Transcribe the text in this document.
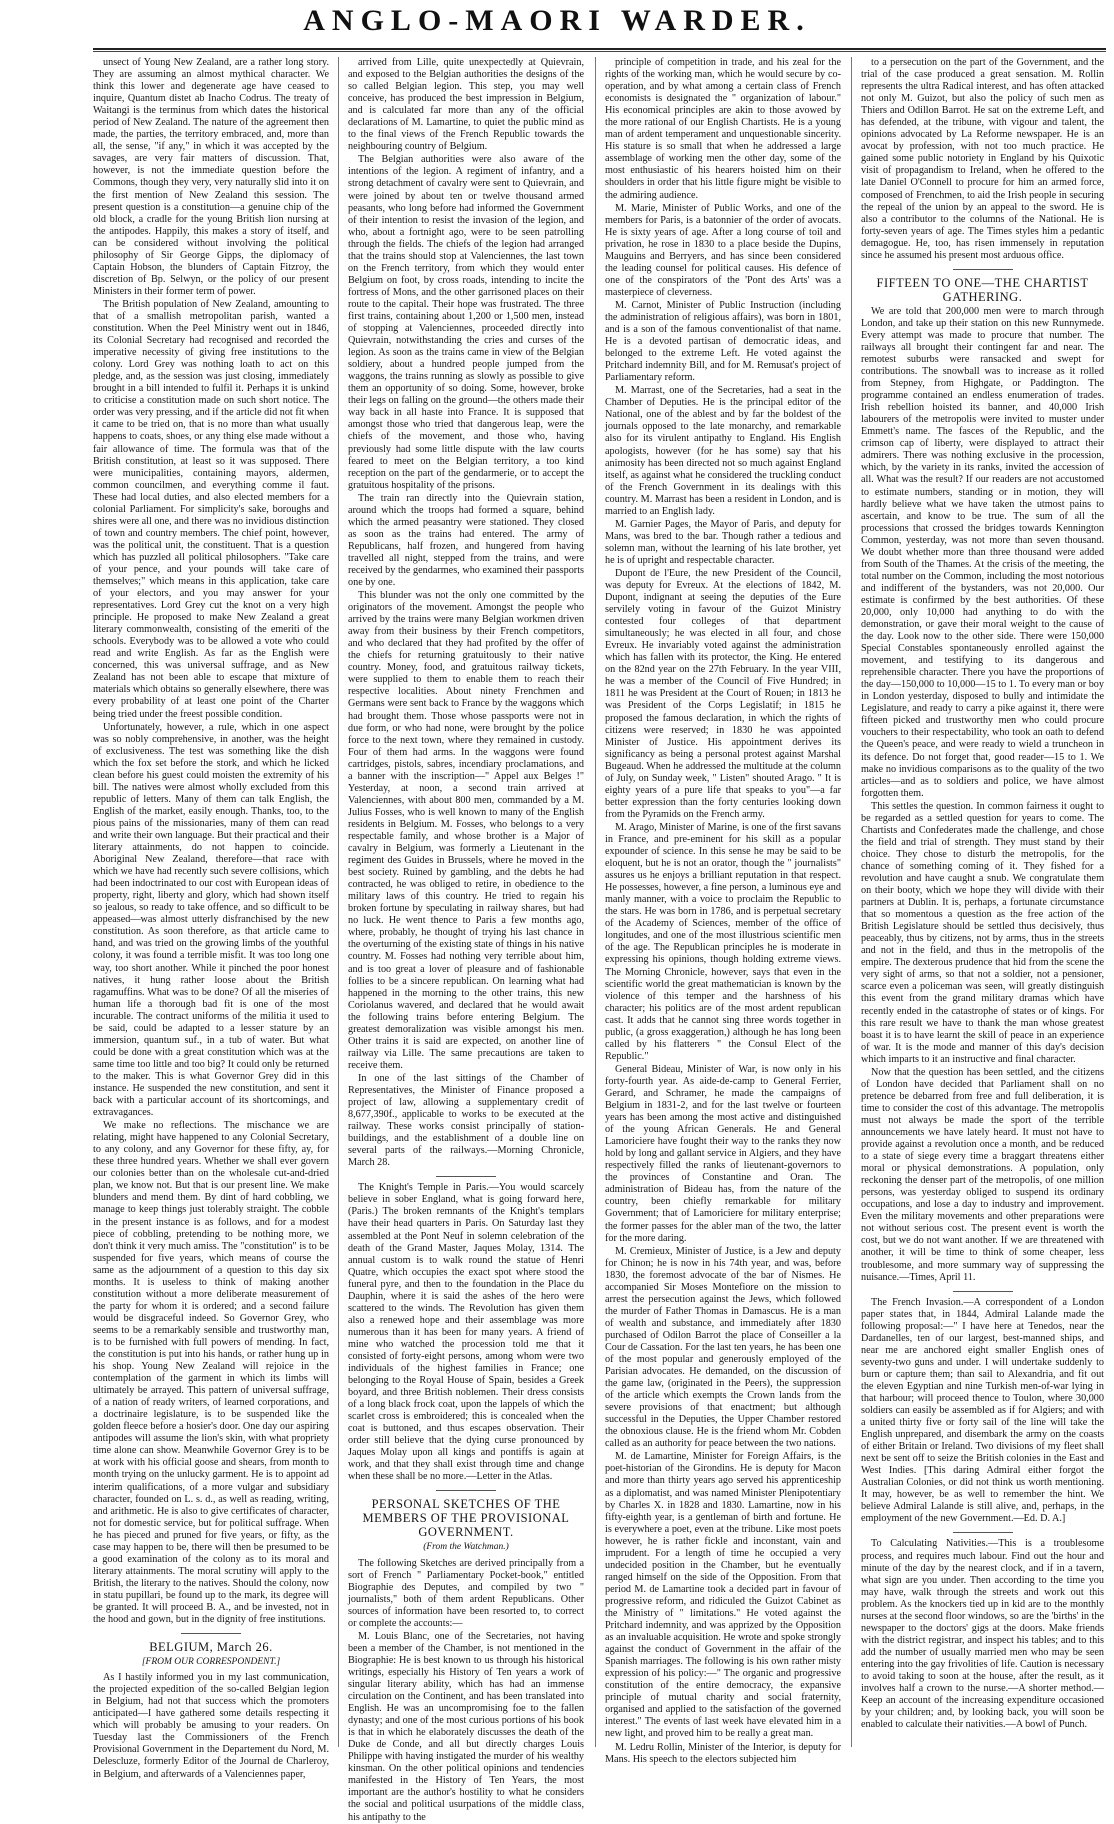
ANGLO-MAORI WARDER.

unsect of Young New Zealand, are a rather long story. They are assuming an almost mythical character. We think this lower and degenerate age have ceased to inquire, Quantum distet ab Inacho Codrus. The treaty of Waitangi is the terminus from which dates the historical period of New Zealand. The nature of the agreement then made, the parties, the territory embraced, and, more than all, the sense, "if any," in which it was accepted by the savages, are very fair matters of discussion. That, however, is not the immediate question before the Commons, though they very, very naturally slid into it on the first mention of New Zealand this session. The present question is a constitution—a genuine chip of the old block, a cradle for the young British lion nursing at the antipodes. Happily, this makes a story of itself, and can be considered without involving the political philosophy of Sir George Gipps, the diplomacy of Captain Hobson, the blunders of Captain Fitzroy, the discretion of Bp. Selwyn, or the policy of our present Ministers in their former term of power.

The British population of New Zealand, amounting to that of a smallish metropolitan parish, wanted a constitution. When the Peel Ministry went out in 1846, its Colonial Secretary had recognised and recorded the imperative necessity of giving free institutions to the colony. Lord Grey was nothing loath to act on this pledge, and, as the session was just closing, immediately brought in a bill intended to fulfil it. Perhaps it is unkind to criticise a constitution made on such short notice. The order was very pressing, and if the article did not fit when it came to be tried on, that is no more than what usually happens to coats, shoes, or any thing else made without a fair allowance of time. The formula was that of the British constitution, at least so it was supposed. There were municipalities, containing mayors, aldermen, common councilmen, and everything comme il faut. These had local duties, and also elected members for a colonial Parliament. For simplicity's sake, boroughs and shires were all one, and there was no invidious distinction of town and country members. The chief point, however, was the political unit, the constituent. That is a question which has puzzled all political philosophers. "Take care of your pence, and your pounds will take care of themselves;" which means in this application, take care of your electors, and you may answer for your representatives. Lord Grey cut the knot on a very high principle. He proposed to make New Zealand a great literary commonwealth, consisting of the emeriti of the schools. Everybody was to be allowed a vote who could read and write English. As far as the English were concerned, this was universal suffrage, and as New Zealand has not been able to escape that mixture of materials which obtains so generally elsewhere, there was every probability of at least one point of the Charter being tried under the freest possible condition.

Unfortunately, however, a rule, which in one aspect was so nobly comprehensive, in another, was the height of exclusiveness. The test was something like the dish which the fox set before the stork, and which he licked clean before his guest could moisten the extremity of his bill. The natives were almost wholly excluded from this republic of letters. Many of them can talk English, the English of the market, easily enough. Thanks, too, to the pious pains of the missionaries, many of them can read and write their own language. But their practical and their literary attainments, do not happen to coincide. Aboriginal New Zealand, therefore—that race with which we have had recently such severe collisions, which had been indoctrinated to our cost with European ideas of property, right, liberty and glory, which had shown itself so jealous, so ready to take offence, and so difficult to be appeased—was almost utterly disfranchised by the new constitution. As soon therefore, as that article came to hand, and was tried on the growing limbs of the youthful colony, it was found a terrible misfit. It was too long one way, too short another. While it pinched the poor honest natives, it hung rather loose about the British ragamuffins. What was to be done? Of all the miseries of human life a thorough bad fit is one of the most incurable. The contract uniforms of the militia it used to be said, could be adapted to a lesser stature by an immersion, quantum suf., in a tub of water. But what could be done with a great constitution which was at the same time too little and too big? It could only be returned to the maker. This is what Governor Grey did in this instance. He suspended the new constitution, and sent it back with a particular account of its shortcomings, and extravagances.

We make no reflections. The mischance we are relating, might have happened to any Colonial Secretary, to any colony, and any Governor for these fifty, ay, for these three hundred years. Whether we shall ever govern our colonies better than on the wholesale cut-and-dried plan, we know not. But that is our present line. We make blunders and mend them. By dint of hard cobbling, we manage to keep things just tolerably straight. The cobble in the present instance is as follows, and for a modest piece of cobbling, pretending to be nothing more, we don't think it very much amiss. The "constitution" is to be suspended for five years, which means of course the same as the adjournment of a question to this day six months. It is useless to think of making another constitution without a more deliberate measurement of the party for whom it is ordered; and a second failure would be disgraceful indeed. So Governor Grey, who seems to be a remarkably sensible and trustworthy man, is to be furnished with full powers of mending. In fact, the constitution is put into his hands, or rather hung up in his shop. Young New Zealand will rejoice in the contemplation of the garment in which its limbs will ultimately be arrayed. This pattern of universal suffrage, of a nation of ready writers, of learned corporations, and a doctrinaire legislature, is to be suspended like the golden fleece before a hosier's door. One day our aspiring antipodes will assume the lion's skin, with what propriety time alone can show. Meanwhile Governor Grey is to be at work with his official goose and shears, from month to month trying on the unlucky garment. He is to appoint ad interim qualifications, of a more vulgar and subsidiary character, founded on L. s. d., as well as reading, writing, and arithmetic. He is also to give certificates of character, not for domestic service, but for political suffrage. When he has pieced and pruned for five years, or fifty, as the case may happen to be, there will then be presumed to be a good examination of the colony as to its moral and literary attainments. The moral scrutiny will apply to the British, the literary to the natives. Should the colony, now in statu pupillari, be found up to the mark, its degree will be granted. It will proceed B. A., and be invested, not in the hood and gown, but in the dignity of free institutions.

BELGIUM, March 26.

[FROM OUR CORRESPONDENT.]

As I hastily informed you in my last communication, the projected expedition of the so-called Belgian legion in Belgium, had not that success which the promoters anticipated—I have gathered some details respecting it which will probably be amusing to your readers. On Tuesday last the Commissioners of the French Provisional Government in the Departement du Nord, M. Delescluze, formerly Editor of the Journal de Charleroy, in Belgium, and afterwards of a Valenciennes paper,

arrived from Lille, quite unexpectedly at Quievrain, and exposed to the Belgian authorities the designs of the so called Belgian legion. This step, you may well conceive, has produced the best impression in Belgium, and is calculated far more than any of the official declarations of M. Lamartine, to quiet the public mind as to the final views of the French Republic towards the neighbouring country of Belgium.

The Belgian authorities were also aware of the intentions of the legion. A regiment of infantry, and a strong detachment of cavalry were sent to Quievrain, and were joined by about ten or twelve thousand armed peasants, who long before had informed the Government of their intention to resist the invasion of the legion, and who, about a fortnight ago, were to be seen patrolling through the fields. The chiefs of the legion had arranged that the trains should stop at Valenciennes, the last town on the French territory, from which they would enter Belgium on foot, by cross roads, intending to incite the fortress of Mons, and the other garrisoned places on their route to the capital. Their hope was frustrated. The three first trains, containing about 1,200 or 1,500 men, instead of stopping at Valenciennes, proceeded directly into Quievrain, notwithstanding the cries and curses of the legion. As soon as the trains came in view of the Belgian soldiery, about a hundred people jumped from the waggons, the trains running as slowly as possible to give them an opportunity of so doing. Some, however, broke their legs on falling on the ground—the others made their way back in all haste into France. It is supposed that amongst those who tried that dangerous leap, were the chiefs of the movement, and those who, having previously had some little dispute with the law courts feared to meet on the Belgian territory, a too kind reception on the part of the gendarmerie, or to accept the gratuitous hospitality of the prisons.

The train ran directly into the Quievrain station, around which the troops had formed a square, behind which the armed peasantry were stationed. They closed as soon as the trains had entered. The army of Republicans, half frozen, and hungered from having travelled all night, stepped from the trains, and were received by the gendarmes, who examined their passports one by one.

This blunder was not the only one committed by the originators of the movement. Amongst the people who arrived by the trains were many Belgian workmen driven away from their business by their French competitors, and who declared that they had profited by the offer of the chiefs for returning gratuitously to their native country. Money, food, and gratuitous railway tickets, were supplied to them to enable them to reach their respective localities. About ninety Frenchmen and Germans were sent back to France by the waggons which had brought them. Those whose passports were not in due form, or who had none, were brought by the police force to the next town, where they remained in custody. Four of them had arms. In the waggons were found cartridges, pistols, sabres, incendiary proclamations, and a banner with the inscription—" Appel aux Belges !" Yesterday, at noon, a second train arrived at Valenciennes, with about 800 men, commanded by a M. Julius Fosses, who is well known to many of the English residents in Belgium. M. Fosses, who belongs to a very respectable family, and whose brother is a Major of cavalry in Belgium, was formerly a Lieutenant in the regiment des Guides in Brussels, where he moved in the best society. Ruined by gambling, and the debts he had contracted, he was obliged to retire, in obedience to the military laws of this country. He tried to regain his broken fortune by speculating in railway shares, but had no luck. He went thence to Paris a few months ago, where, probably, he thought of trying his last chance in the overturning of the existing state of things in his native country. M. Fosses had nothing very terrible about him, and is too great a lover of pleasure and of fashionable follies to be a sincere republican. On learning what had happened in the morning to the other trains, this new Coriolanus wavered, and declared that he would await the following trains before entering Belgium. The greatest demoralization was visible amongst his men. Other trains it is said are expected, on another line of railway via Lille. The same precautions are taken to receive them.

In one of the last sittings of the Chamber of Representatives, the Minister of Finance proposed a project of law, allowing a supplementary credit of 8,677,390f., applicable to works to be executed at the railway. These works consist principally of station-buildings, and the establishment of a double line on several parts of the railways.—Morning Chronicle, March 28.

The Knight's Temple in Paris.—You would scarcely believe in sober England, what is going forward here, (Paris.) The broken remnants of the Knight's templars have their head quarters in Paris. On Saturday last they assembled at the Pont Neuf in solemn celebration of the death of the Grand Master, Jaques Molay, 1314. The annual custom is to walk round the statue of Henri Quatre, which occupies the exact spot where stood the funeral pyre, and then to the foundation in the Place du Dauphin, where it is said the ashes of the hero were scattered to the winds. The Revolution has given them also a renewed hope and their assemblage was more numerous than it has been for many years. A friend of mine who watched the procession told me that it consisted of forty-eight persons, among whom were two individuals of the highest families in France; one belonging to the Royal House of Spain, besides a Greek boyard, and three British noblemen. Their dress consists of a long black frock coat, upon the lappels of which the scarlet cross is embroidered; this is concealed when the coat is buttoned, and thus escapes observation. Their order still believe that the dying curse pronounced by Jaques Molay upon all kings and pontiffs is again at work, and that they shall exist through time and change when these shall be no more.—Letter in the Atlas.

PERSONAL SKETCHES OF THE MEMBERS OF THE PROVISIONAL GOVERNMENT.

(From the Watchman.)

The following Sketches are derived principally from a sort of French " Parliamentary Pocket-book," entitled Biographie des Deputes, and compiled by two " journalists," both of them ardent Republicans. Other sources of information have been resorted to, to correct or complete the accounts:—

M. Louis Blanc, one of the Secretaries, not having been a member of the Chamber, is not mentioned in the Biographie: He is best known to us through his historical writings, especially his History of Ten years a work of singular literary ability, which has had an immense circulation on the Continent, and has been translated into English. He was an uncompromising foe to the fallen dynasty; and one of the most curious portions of his book is that in which he elaborately discusses the death of the Duke de Conde, and all but directly charges Louis Philippe with having instigated the murder of his wealthy kinsman. On the other political opinions and tendencies manifested in the History of Ten Years, the most important are the author's hostility to what he considers the social and political usurpations of the middle class, his antipathy to the

principle of competition in trade, and his zeal for the rights of the working man, which he would secure by co-operation, and by what among a certain class of French economists is designated the " organization of labour." His economical principles are akin to those avowed by the more rational of our English Chartists. He is a young man of ardent temperament and unquestionable sincerity. His stature is so small that when he addressed a large assemblage of working men the other day, some of the most enthusiastic of his hearers hoisted him on their shoulders in order that his little figure might be visible to the admiring audience.

M. Marie, Minister of Public Works, and one of the members for Paris, is a batonnier of the order of avocats. He is sixty years of age. After a long course of toil and privation, he rose in 1830 to a place beside the Dupins, Mauguins and Berryers, and has since been considered the leading counsel for political causes. His defence of one of the conspirators of the 'Pont des Arts' was a masterpiece of cleverness.

M. Carnot, Minister of Public Instruction (including the administration of religious affairs), was born in 1801, and is a son of the famous conventionalist of that name. He is a devoted partisan of democratic ideas, and belonged to the extreme Left. He voted against the Pritchard indemnity Bill, and for M. Remusat's project of Parliamentary reform.

M. Marrast, one of the Secretaries, had a seat in the Chamber of Deputies. He is the principal editor of the National, one of the ablest and by far the boldest of the journals opposed to the late monarchy, and remarkable also for its virulent antipathy to England. His English apologists, however (for he has some) say that his animosity has been directed not so much against England itself, as against what he considered the truckling conduct of the French Government in its dealings with this country. M. Marrast has been a resident in London, and is married to an English lady.

M. Garnier Pages, the Mayor of Paris, and deputy for Mans, was bred to the bar. Though rather a tedious and solemn man, without the learning of his late brother, yet he is of upright and respectable character.

Dupont de l'Eure, the new President of the Council, was deputy for Evreux. At the elections of 1842, M. Dupont, indignant at seeing the deputies of the Eure servilely voting in favour of the Guizot Ministry contested four colleges of that department simultaneously; he was elected in all four, and chose Evreux. He invariably voted against the administration which has fallen with its protector, the King. He entered on the 82nd year on the 27th February. In the year VIII, he was a member of the Council of Five Hundred; in 1811 he was President at the Court of Rouen; in 1813 he was President of the Corps Legislatif; in 1815 he proposed the famous declaration, in which the rights of citizens were reserved; in 1830 he was appointed Minister of Justice. His appointment derives its significancy as being a personal protest against Marshal Bugeaud. When he addressed the multitude at the column of July, on Sunday week, " Listen" shouted Arago. " It is eighty years of a pure life that speaks to you"—a far better expression than the forty centuries looking down from the Pyramids on the French army.

M. Arago, Minister of Marine, is one of the first savans in France, and pre-eminent for his skill as a popular expounder of science. In this sense he may be said to be eloquent, but he is not an orator, though the " journalists" assures us he enjoys a brilliant reputation in that respect. He possesses, however, a fine person, a luminous eye and manly manner, with a voice to proclaim the Republic to the stars. He was born in 1786, and is perpetual secretary of the Academy of Sciences, member of the office of longitudes, and one of the most illustrious scientific men of the age. The Republican principles he is moderate in expressing his opinions, though holding extreme views. The Morning Chronicle, however, says that even in the scientific world the great mathematician is known by the violence of this temper and the harshness of his character; his politics are of the most ardent republican cast. It adds that he cannot sing three words together in public, (a gross exaggeration,) although he has long been called by his flatterers " the Consul Elect of the Republic."

General Bideau, Minister of War, is now only in his forty-fourth year. As aide-de-camp to General Ferrier, Gerard, and Schramer, he made the campaigns of Belgium in 1831-2, and for the last twelve or fourteen years has been among the most active and distinguished of the young African Generals. He and General Lamoriciere have fought their way to the ranks they now hold by long and gallant service in Algiers, and they have respectively filled the ranks of lieutenant-governors to the provinces of Constantine and Oran. The administration of Bideau has, from the nature of the country, been chiefly remarkable for military Government; that of Lamoriciere for military enterprise; the former passes for the abler man of the two, the latter for the more daring.

M. Cremieux, Minister of Justice, is a Jew and deputy for Chinon; he is now in his 74th year, and was, before 1830, the foremost advocate of the bar of Nismes. He accompanied Sir Moses Montefiore on the mission to arrest the persecution against the Jews, which followed the murder of Father Thomas in Damascus. He is a man of wealth and substance, and immediately after 1830 purchased of Odilon Barrot the place of Conseiller a la Cour de Cassation. For the last ten years, he has been one of the most popular and generously employed of the Parisian advocates. He demanded, on the discussion of the game law, (originated in the Peers), the suppression of the article which exempts the Crown lands from the severe provisions of that enactment; but although successful in the Deputies, the Upper Chamber restored the obnoxious clause. He is the friend whom Mr. Cobden called as an authority for peace between the two nations.

M. de Lamartine, Minister for Foreign Affairs, is the poet-historian of the Girondins. He is deputy for Macon and more than thirty years ago served his apprenticeship as a diplomatist, and was named Minister Plenipotentiary by Charles X. in 1828 and 1830. Lamartine, now in his fifty-eighth year, is a gentleman of birth and fortune. He is everywhere a poet, even at the tribune. Like most poets however, he is rather fickle and inconstant, vain and imprudent. For a length of time he occupied a very undecided position in the Chamber, but he eventually ranged himself on the side of the Opposition. From that period M. de Lamartine took a decided part in favour of progressive reform, and ridiculed the Guizot Cabinet as the Ministry of " limitations." He voted against the Pritchard indemnity, and was apprized by the Opposition as an invaluable acquisition. He wrote and spoke strongly against the conduct of Government in the affair of the Spanish marriages. The following is his own rather misty expression of his policy:—" The organic and progressive constitution of the entire democracy, the expansive principle of mutual charity and social fraternity, organised and applied to the satisfaction of the governed interest." The events of last week have elevated him in a new light, and proved him to be really a great man.

M. Ledru Rollin, Minister of the Interior, is deputy for Mans. His speech to the electors subjected him

to a persecution on the part of the Government, and the trial of the case produced a great sensation. M. Rollin represents the ultra Radical interest, and has often attacked not only M. Guizot, but also the policy of such men as Thiers and Odillon Barrot. He sat on the extreme Left, and has defended, at the tribune, with vigour and talent, the opinions advocated by La Reforme newspaper. He is an avocat by profession, with not too much practice. He gained some public notoriety in England by his Quixotic visit of propagandism to Ireland, when he offered to the late Daniel O'Connell to procure for him an armed force, composed of Frenchmen, to aid the Irish people in securing the repeal of the union by an appeal to the sword. He is also a contributor to the columns of the National. He is forty-seven years of age. The Times styles him a pedantic demagogue. He, too, has risen immensely in reputation since he assumed his present most arduous office.

FIFTEEN TO ONE—THE CHARTIST GATHERING.

We are told that 200,000 men were to march through London, and take up their station on this new Runnymede. Every attempt was made to procure that number. The railways all brought their contingent far and near. The remotest suburbs were ransacked and swept for contributions. The snowball was to increase as it rolled from Stepney, from Highgate, or Paddington. The programme contained an endless enumeration of trades. Irish rebellion hoisted its banner, and 40,000 Irish labourers of the metropolis were invited to muster under Emmett's name. The fasces of the Republic, and the crimson cap of liberty, were displayed to attract their admirers. There was nothing exclusive in the procession, which, by the variety in its ranks, invited the accession of all. What was the result? If our readers are not accustomed to estimate numbers, standing or in motion, they will hardly believe what we have taken the utmost pains to ascertain, and know to be true. The sum of all the processions that crossed the bridges towards Kennington Common, yesterday, was not more than seven thousand. We doubt whether more than three thousand were added from South of the Thames. At the crisis of the meeting, the total number on the Common, including the most notorious and indifferent of the bystanders, was not 20,000. Our estimate is confirmed by the best authorities. Of these 20,000, only 10,000 had anything to do with the demonstration, or gave their moral weight to the cause of the day. Look now to the other side. There were 150,000 Special Constables spontaneously enrolled against the movement, and testifying to its dangerous and reprehensible character. There you have the proportions of the day—150,000 to 10,000—15 to 1. To every man or boy in London yesterday, disposed to bully and intimidate the Legislature, and ready to carry a pike against it, there were fifteen picked and trustworthy men who could procure vouchers to their respectability, who took an oath to defend the Queen's peace, and were ready to wield a truncheon in its defence. Do not forget that, good reader—15 to 1. We make no invidious comparisons as to the quality of the two articles—and as to soldiers and police, we have almost forgotten them.

This settles the question. In common fairness it ought to be regarded as a settled question for years to come. The Chartists and Confederates made the challenge, and chose the field and trial of strength. They must stand by their choice. They chose to disturb the metropolis, for the chance of something coming of it. They fished for a revolution and have caught a snub. We congratulate them on their booty, which we hope they will divide with their partners at Dublin. It is, perhaps, a fortunate circumstance that so momentous a question as the free action of the British Legislature should be settled thus decisively, thus peaceably, thus by citizens, not by arms, thus in the streets and not in the field, and thus in the metropolis of the empire. The dexterous prudence that hid from the scene the very sight of arms, so that not a soldier, not a pensioner, scarce even a policeman was seen, will greatly distinguish this event from the grand military dramas which have recently ended in the catastrophe of states or of kings. For this rare result we have to thank the man whose greatest boast it is to have learnt the skill of peace in an experience of war. It is the mode and manner of this day's decision which imparts to it an instructive and final character.

Now that the question has been settled, and the citizens of London have decided that Parliament shall on no pretence be debarred from free and full deliberation, it is time to consider the cost of this advantage. The metropolis must not always be made the sport of the terrible announcements we have lately heard. It must not have to provide against a revolution once a month, and be reduced to a state of siege every time a braggart threatens either moral or physical demonstrations. A population, only reckoning the denser part of the metropolis, of one million persons, was yesterday obliged to suspend its ordinary occupations, and lose a day to industry and improvement. Even the military movements and other preparations were not without serious cost. The present event is worth the cost, but we do not want another. If we are threatened with another, it will be time to think of some cheaper, less troublesome, and more summary way of suppressing the nuisance.—Times, April 11.

The French Invasion.—A correspondent of a London paper states that, in 1844, Admiral Lalande made the following proposal:—" I have here at Tenedos, near the Dardanelles, ten of our largest, best-manned ships, and near me are anchored eight smaller English ones of seventy-two guns and under. I will undertake suddenly to burn or capture them; than sail to Alexandria, and fit out the eleven Egyptian and nine Turkish men-of-war lying in that harbour; will proceed thence to Toulon, where 30,000 soldiers can easily be assembled as if for Algiers; and with a united thirty five or forty sail of the line will take the English unprepared, and disembark the army on the coasts of either Britain or Ireland. Two divisions of my fleet shall next be sent off to seize the British colonies in the East and West Indies. [This daring Admiral either forgot the Australian Colonies, or did not think us worth mentioning. It may, however, be as well to remember the hint. We believe Admiral Lalande is still alive, and, perhaps, in the employment of the new Government.—Ed. D. A.]

To Calculating Nativities.—This is a troublesome process, and requires much labour. Find out the hour and minute of the day by the nearest clock, and if in a tavern, what sign are you under. Then according to the time you may have, walk through the streets and work out this problem. As the knockers tied up in kid are to the monthly nurses at the second floor windows, so are the 'births' in the newspaper to the doctors' gigs at the doors. Make friends with the district registrar, and inspect his tables; and to this add the number of usually married men who may be seen entering into the gay frivolities of life. Caution is necessary to avoid taking to soon at the house, after the result, as it involves half a crown to the nurse.—A shorter method.—Keep an account of the increasing expenditure occasioned by your children; and, by looking back, you will soon be enabled to calculate their nativities.—A bowl of Punch.
